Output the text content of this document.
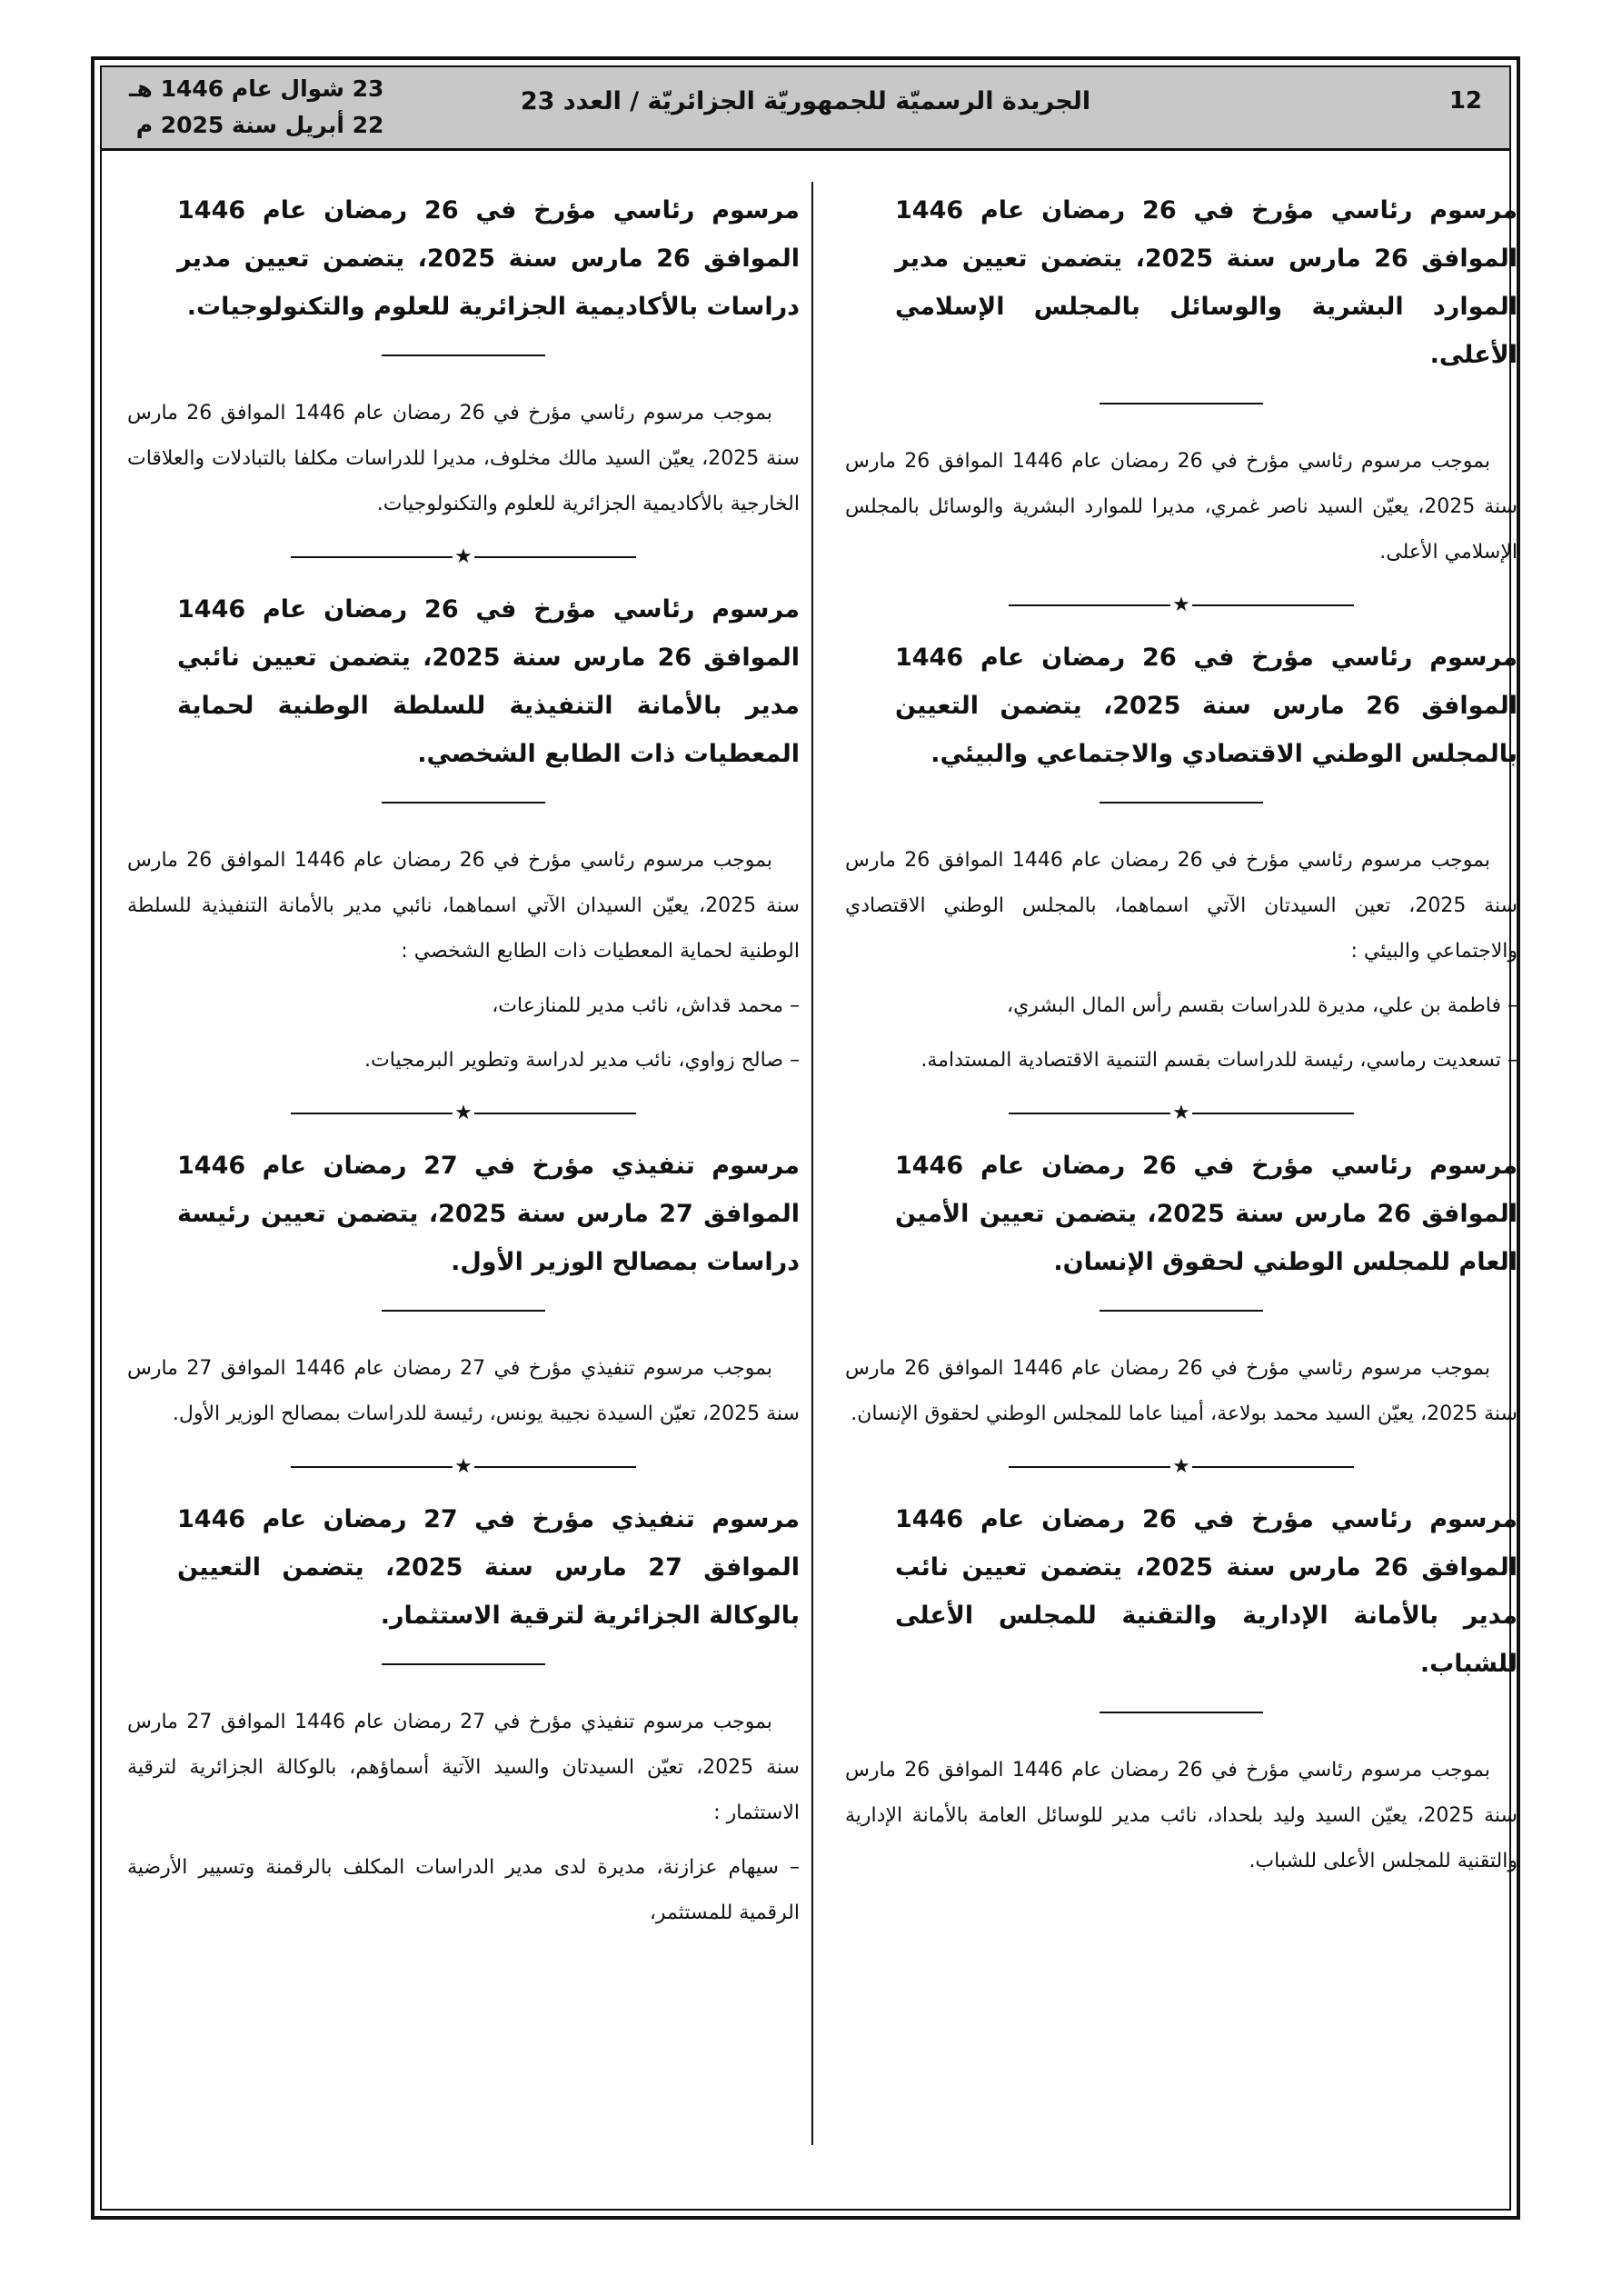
12
الجريدة الرسميّة للجمهوريّة الجزائريّة / العدد 23
23 شوال عام 1446 هـ
22 أبريل سنة 2025 م

مرسوم رئاسي مؤرخ في 26 رمضان عام 1446 الموافق 26 مارس سنة 2025، يتضمن تعيين مدير الموارد البشرية والوسائل بالمجلس الإسلامي الأعلى.

بموجب مرسوم رئاسي مؤرخ في 26 رمضان عام 1446 الموافق 26 مارس سنة 2025، يعيّن السيد ناصر غمري، مديرا للموارد البشرية والوسائل بالمجلس الإسلامي الأعلى.

★

مرسوم رئاسي مؤرخ في 26 رمضان عام 1446 الموافق 26 مارس سنة 2025، يتضمن التعيين بالمجلس الوطني الاقتصادي والاجتماعي والبيئي.

بموجب مرسوم رئاسي مؤرخ في 26 رمضان عام 1446 الموافق 26 مارس سنة 2025، تعين السيدتان الآتي اسماهما، بالمجلس الوطني الاقتصادي والاجتماعي والبيئي :

– فاطمة بن علي، مديرة للدراسات بقسم رأس المال البشري،

– تسعديت رماسي، رئيسة للدراسات بقسم التنمية الاقتصادية المستدامة.

★

مرسوم رئاسي مؤرخ في 26 رمضان عام 1446 الموافق 26 مارس سنة 2025، يتضمن تعيين الأمين العام للمجلس الوطني لحقوق الإنسان.

بموجب مرسوم رئاسي مؤرخ في 26 رمضان عام 1446 الموافق 26 مارس سنة 2025، يعيّن السيد محمد بولاعة، أمينا عاما للمجلس الوطني لحقوق الإنسان.

★

مرسوم رئاسي مؤرخ في 26 رمضان عام 1446 الموافق 26 مارس سنة 2025، يتضمن تعيين نائب مدير بالأمانة الإدارية والتقنية للمجلس الأعلى للشباب.

بموجب مرسوم رئاسي مؤرخ في 26 رمضان عام 1446 الموافق 26 مارس سنة 2025، يعيّن السيد وليد بلحداد، نائب مدير للوسائل العامة بالأمانة الإدارية والتقنية للمجلس الأعلى للشباب.

مرسوم رئاسي مؤرخ في 26 رمضان عام 1446 الموافق 26 مارس سنة 2025، يتضمن تعيين مدير دراسات بالأكاديمية الجزائرية للعلوم والتكنولوجيات.

بموجب مرسوم رئاسي مؤرخ في 26 رمضان عام 1446 الموافق 26 مارس سنة 2025، يعيّن السيد مالك مخلوف، مديرا للدراسات مكلفا بالتبادلات والعلاقات الخارجية بالأكاديمية الجزائرية للعلوم والتكنولوجيات.

★

مرسوم رئاسي مؤرخ في 26 رمضان عام 1446 الموافق 26 مارس سنة 2025، يتضمن تعيين نائبي مدير بالأمانة التنفيذية للسلطة الوطنية لحماية المعطيات ذات الطابع الشخصي.

بموجب مرسوم رئاسي مؤرخ في 26 رمضان عام 1446 الموافق 26 مارس سنة 2025، يعيّن السيدان الآتي اسماهما، نائبي مدير بالأمانة التنفيذية للسلطة الوطنية لحماية المعطيات ذات الطابع الشخصي :

– محمد قداش، نائب مدير للمنازعات،

– صالح زواوي، نائب مدير لدراسة وتطوير البرمجيات.

★

مرسوم تنفيذي مؤرخ في 27 رمضان عام 1446 الموافق 27 مارس سنة 2025، يتضمن تعيين رئيسة دراسات بمصالح الوزير الأول.

بموجب مرسوم تنفيذي مؤرخ في 27 رمضان عام 1446 الموافق 27 مارس سنة 2025، تعيّن السيدة نجيبة يونس، رئيسة للدراسات بمصالح الوزير الأول.

★

مرسوم تنفيذي مؤرخ في 27 رمضان عام 1446 الموافق 27 مارس سنة 2025، يتضمن التعيين بالوكالة الجزائرية لترقية الاستثمار.

بموجب مرسوم تنفيذي مؤرخ في 27 رمضان عام 1446 الموافق 27 مارس سنة 2025، تعيّن السيدتان والسيد الآتية أسماؤهم، بالوكالة الجزائرية لترقية الاستثمار :

– سيهام عزازنة، مديرة لدى مدير الدراسات المكلف بالرقمنة وتسيير الأرضية الرقمية للمستثمر،
